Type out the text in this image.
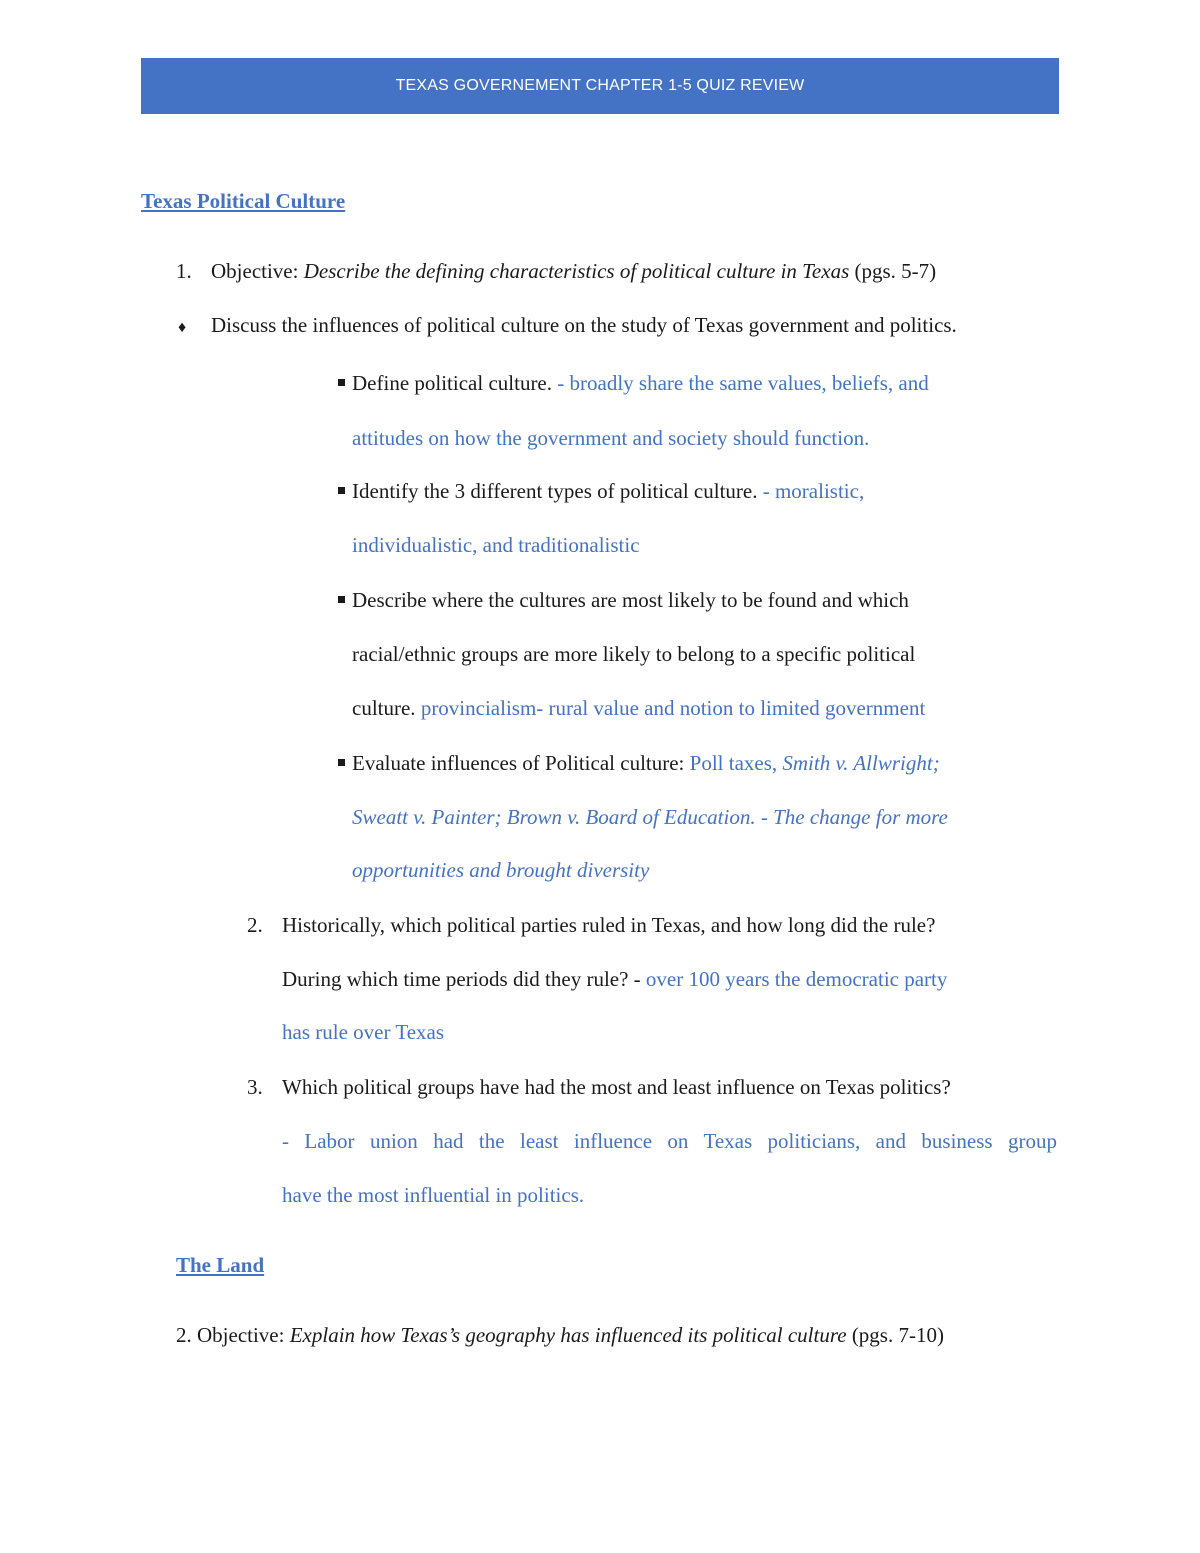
TEXAS GOVERNEMENT CHAPTER 1-5 QUIZ REVIEW
Texas Political Culture
1. Objective: Describe the defining characteristics of political culture in Texas (pgs. 5-7)
♦ Discuss the influences of political culture on the study of Texas government and politics.
Define political culture. - broadly share the same values, beliefs, and
attitudes on how the government and society should function.
Identify the 3 different types of political culture. - moralistic,
individualistic, and traditionalistic
Describe where the cultures are most likely to be found and which
racial/ethnic groups are more likely to belong to a specific political
culture. provincialism- rural value and notion to limited government
Evaluate influences of Political culture: Poll taxes, Smith v. Allwright;
Sweatt v. Painter; Brown v. Board of Education. - The change for more
opportunities and brought diversity
2. Historically, which political parties ruled in Texas, and how long did the rule?
During which time periods did they rule? - over 100 years the democratic party
has rule over Texas
3. Which political groups have had the most and least influence on Texas politics?
- Labor union had the least influence on Texas politicians, and business group
have the most influential in politics.
The Land
2. Objective: Explain how Texas’s geography has influenced its political culture (pgs. 7-10)
